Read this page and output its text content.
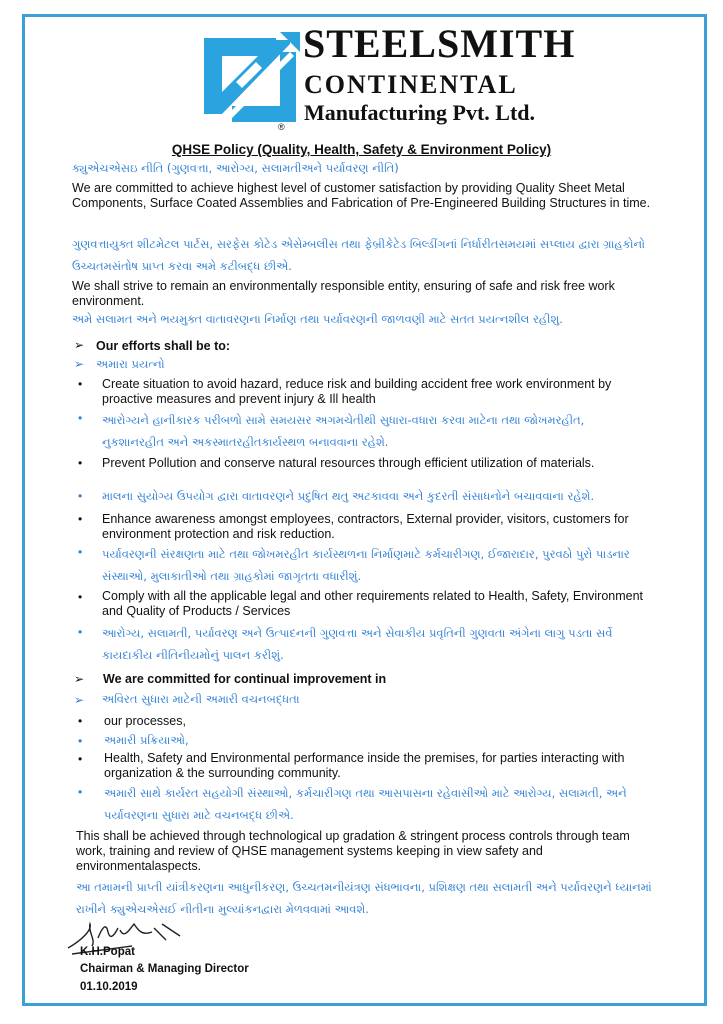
®
STEELSMITH
CONTINENTAL
Manufacturing Pvt. Ltd.
QHSE Policy (Quality, Health, Safety & Environment Policy)
ક્યુએચએસઇ નીતિ (ગુણવત્તા, આરોગ્ય, સલામતીઅને પર્યાવરણ નીતિ)
We are committed to achieve highest level of customer satisfaction by providing Quality Sheet Metal Components, Surface Coated Assemblies and Fabrication of Pre-Engineered Building Structures in time.
ગુણવત્તાયુક્ત શીટમેટલ પાર્ટસ, સરફેસ કોટેડ એસેમ્બલીસ તથા ફેબ્રીકેટેડ બિલ્ડીંગનાં નિર્ધારીતસમયમાં સપ્લાય દ્વારા ગ્રાહકોનો ઉચ્ચતમસંતોષ પ્રાપ્ત કરવા અમે કટીબદ્ધ છીએ.
We shall strive to remain an environmentally responsible entity, ensuring of safe and risk free work environment.
અમે સલામત અને ભયમુક્ત વાતાવરણના નિર્માણ તથા પર્યાવરણની જાળવણી માટે સતત પ્રયત્નશીલ રહીશુ.
➢ Our efforts shall be to:
➢ અમારા પ્રયત્નો
• Create situation to avoid hazard, reduce risk and building accident free work environment by proactive measures and prevent injury & Ill health
• આરોગ્યને હાનીકારક પરીબળો સામે સમયસર અગમચેતીથી સુધારા-વધારા કરવા માટેના તથા જોખમરહીત, નુકશાનરહીત અને અકસ્માતરહીતકાર્યસ્થળ બનાવવાના રહેશે.
• Prevent Pollution and conserve natural resources through efficient utilization of materials.
• માલના સુયોગ્ય ઉપયોગ દ્વારા વાતાવરણને પ્રદુષિત થતુ અટકાવવા અને કુદરતી સંસાધનોને બચાવવાના રહેશે.
• Enhance awareness amongst employees, contractors, External provider, visitors, customers for environment protection and risk reduction.
• પર્યાવરણની સંરક્ષણતા માટે તથા જોખમરહીત કાર્યસ્થળના નિર્માણમાટે કર્મચારીગણ, ઈજારાદાર, પુરવઠો પુરો પાડનાર સંસ્થાઓ, મુલાકાતીઓ તથા ગ્રાહકોમાં જાગૃતતા વધારીશું.
• Comply with all the applicable legal and other requirements related to Health, Safety, Environment and Quality of Products / Services
• આરોગ્ય, સલામતી, પર્યાવરણ અને ઉત્પાદનની ગુણવત્તા અને સેવાકીય પ્રવૃતિની ગુણવતા અંગેના લાગુ પડતા સર્વે કાયદાકીય નીતિનીયમોનું પાલન કરીશું.
➢ We are committed for continual improvement in
➢ અવિરત સુધારા માટેની અમારી વચનબદ્ધતા
• our processes,
• અમારી પ્રક્રિયાઓ,
• Health, Safety and Environmental performance inside the premises, for parties interacting with organization & the surrounding community.
• અમારી સાથે કાર્યરત સહયોગી સંસ્થાઓ, કર્મચારીગણ તથા આસપાસના રહેવાસીઓ માટે આરોગ્ય, સલામતી, અને પર્યાવરણના સુધારા માટે વચનબદ્ધ છીએ.
This shall be achieved through technological up gradation & stringent process controls through team work, training and review of QHSE management systems keeping in view safety and environmentalaspects.
આ તમામની પ્રાપ્તી યાંત્રીકરણના આધુનીકરણ, ઉચ્ચતમનીયંત્રણ સંધભાવના, પ્રશિક્ષણ તથા સલામતી અને પર્યાવરણને ધ્યાનમાં રાખીને ક્યુએચએસઈ નીતીના મુલ્યાંકનદ્વારા મેળવવામાં આવશે.
K.H.Popat
Chairman & Managing Director
01.10.2019
